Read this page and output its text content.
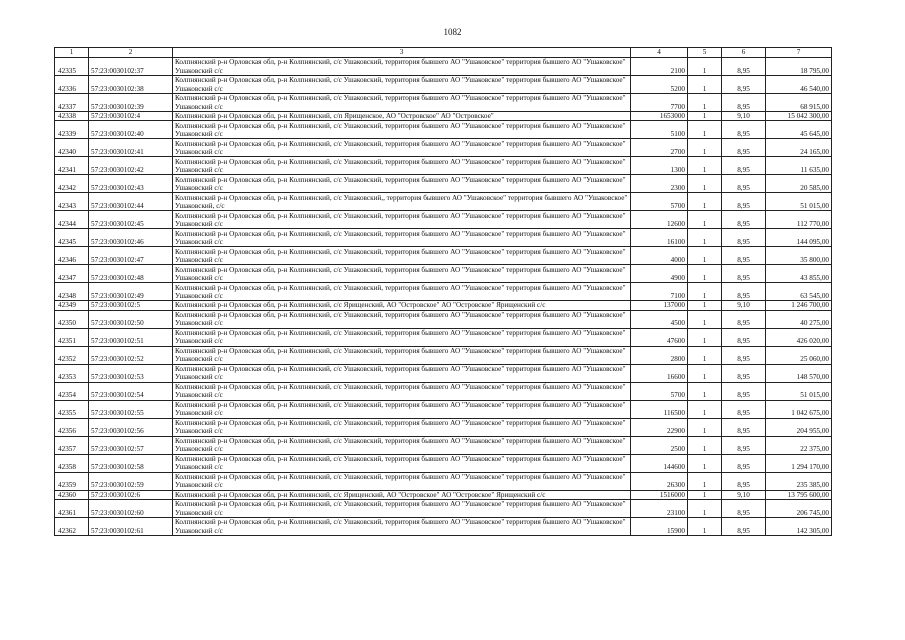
1082
1	2	3	4	5	6	7
42335	57:23:0030102:37	Колпнянский р-н Орловская обл, р-н Колпнянский, с/с Ушаковский, территория бывшего АО "Ушаковское" территория бывшего АО "Ушаковское" Ушаковский с/с	2100	1	8,95	18 795,00
42336	57:23:0030102:38	Колпнянский р-н Орловская обл, р-н Колпнянский, с/с Ушаковский, территория бывшего АО "Ушаковское" территория бывшего АО "Ушаковское" Ушаковский с/с	5200	1	8,95	46 540,00
42337	57:23:0030102:39	Колпнянский р-н Орловская обл, р-н Колпнянский, с/с Ушаковский, территория бывшего АО "Ушаковское" территория бывшего АО "Ушаковское" Ушаковский с/с	7700	1	8,95	68 915,00
42338	57:23:0030102:4	Колпнянский р-н Орловская обл, р-н Колпнянский, с/п Ярищенское, АО "Островское" АО "Островское"	1653000	1	9,10	15 042 300,00
42339	57:23:0030102:40	Колпнянский р-н Орловская обл, р-н Колпнянский, с/с Ушаковский, территория бывшего АО "Ушаковское" территория бывшего АО "Ушаковское" Ушаковский с/с	5100	1	8,95	45 645,00
42340	57:23:0030102:41	Колпнянский р-н Орловская обл, р-н Колпнянский, с/с Ушаковский, территория бывшего АО "Ушаковское" территория бывшего АО "Ушаковское" Ушаковский с/с	2700	1	8,95	24 165,00
42341	57:23:0030102:42	Колпнянский р-н Орловская обл, р-н Колпнянский, с/с Ушаковский, территория бывшего АО "Ушаковское" территория бывшего АО "Ушаковское" Ушаковский с/с	1300	1	8,95	11 635,00
42342	57:23:0030102:43	Колпнянский р-н Орловская обл, р-н Колпнянский, с/с Ушаковский, территория бывшего АО "Ушаковское" территория бывшего АО "Ушаковское" Ушаковский с/с	2300	1	8,95	20 585,00
42343	57:23:0030102:44	Колпнянский р-н Орловская обл, р-н Колпнянский, с/с Ушаковский,, территория бывшего АО "Ушаковское" территория бывшего АО "Ушаковское" Ушаковский, с/с	5700	1	8,95	51 015,00
42344	57:23:0030102:45	Колпнянский р-н Орловская обл, р-н Колпнянский, с/с Ушаковский, территория бывшего АО "Ушаковское" территория бывшего АО "Ушаковское" Ушаковский с/с	12600	1	8,95	112 770,00
42345	57:23:0030102:46	Колпнянский р-н Орловская обл, р-н Колпнянский, с/с Ушаковский, территория бывшего АО "Ушаковское" территория бывшего АО "Ушаковское" Ушаковский с/с	16100	1	8,95	144 095,00
42346	57:23:0030102:47	Колпнянский р-н Орловская обл, р-н Колпнянский, с/с Ушаковский, территория бывшего АО "Ушаковское" территория бывшего АО "Ушаковское" Ушаковский с/с	4000	1	8,95	35 800,00
42347	57:23:0030102:48	Колпнянский р-н Орловская обл, р-н Колпнянский, с/с Ушаковский, территория бывшего АО "Ушаковское" территория бывшего АО "Ушаковское" Ушаковский с/с	4900	1	8,95	43 855,00
42348	57:23:0030102:49	Колпнянский р-н Орловская обл, р-н Колпнянский, с/с Ушаковский, территория бывшего АО "Ушаковское" территория бывшего АО "Ушаковское" Ушаковский с/с	7100	1	8,95	63 545,00
42349	57:23:0030102:5	Колпнянский р-н Орловская обл, р-н Колпнянский, с/с Ярищенский, АО "Островское" АО "Островское" Ярищенский с/с	137000	1	9,10	1 246 700,00
42350	57:23:0030102:50	Колпнянский р-н Орловская обл, р-н Колпнянский, с/с Ушаковский, территория бывшего АО "Ушаковское" территория бывшего АО "Ушаковское" Ушаковский с/с	4500	1	8,95	40 275,00
42351	57:23:0030102:51	Колпнянский р-н Орловская обл, р-н Колпнянский, с/с Ушаковский, территория бывшего АО "Ушаковское" территория бывшего АО "Ушаковское" Ушаковский с/с	47600	1	8,95	426 020,00
42352	57:23:0030102:52	Колпнянский р-н Орловская обл, р-н Колпнянский, с/с Ушаковский, территория бывшего АО "Ушаковское" территория бывшего АО "Ушаковское" Ушаковский с/с	2800	1	8,95	25 060,00
42353	57:23:0030102:53	Колпнянский р-н Орловская обл, р-н Колпнянский, с/с Ушаковский, территория бывшего АО "Ушаковское" территория бывшего АО "Ушаковское" Ушаковский с/с	16600	1	8,95	148 570,00
42354	57:23:0030102:54	Колпнянский р-н Орловская обл, р-н Колпнянский, с/с Ушаковский, территория бывшего АО "Ушаковское" территория бывшего АО "Ушаковское" Ушаковский с/с	5700	1	8,95	51 015,00
42355	57:23:0030102:55	Колпнянский р-н Орловская обл, р-н Колпнянский, с/с Ушаковский, территория бывшего АО "Ушаковское" территория бывшего АО "Ушаковское" Ушаковский с/с	116500	1	8,95	1 042 675,00
42356	57:23:0030102:56	Колпнянский р-н Орловская обл, р-н Колпнянский, с/с Ушаковский, территория бывшего АО "Ушаковское" территория бывшего АО "Ушаковское" Ушаковский с/с	22900	1	8,95	204 955,00
42357	57:23:0030102:57	Колпнянский р-н Орловская обл, р-н Колпнянский, с/с Ушаковский, территория бывшего АО "Ушаковское" территория бывшего АО "Ушаковское" Ушаковский с/с	2500	1	8,95	22 375,00
42358	57:23:0030102:58	Колпнянский р-н Орловская обл, р-н Колпнянский, с/с Ушаковский, территория бывшего АО "Ушаковское" территория бывшего АО "Ушаковское" Ушаковский с/с	144600	1	8,95	1 294 170,00
42359	57:23:0030102:59	Колпнянский р-н Орловская обл, р-н Колпнянский, с/с Ушаковский, территория бывшего АО "Ушаковское" территория бывшего АО "Ушаковское" Ушаковский с/с	26300	1	8,95	235 385,00
42360	57:23:0030102:6	Колпнянский р-н Орловская обл, р-н Колпнянский, с/с Ярищенский, АО "Островское" АО "Островское" Ярищенский с/с	1516000	1	9,10	13 795 600,00
42361	57:23:0030102:60	Колпнянский р-н Орловская обл, р-н Колпнянский, с/с Ушаковский, территория бывшего АО "Ушаковское" территория бывшего АО "Ушаковское" Ушаковский с/с	23100	1	8,95	206 745,00
42362	57:23:0030102:61	Колпнянский р-н Орловская обл, р-н Колпнянский, с/с Ушаковский, территория бывшего АО "Ушаковское" территория бывшего АО "Ушаковское" Ушаковский с/с	15900	1	8,95	142 305,00
